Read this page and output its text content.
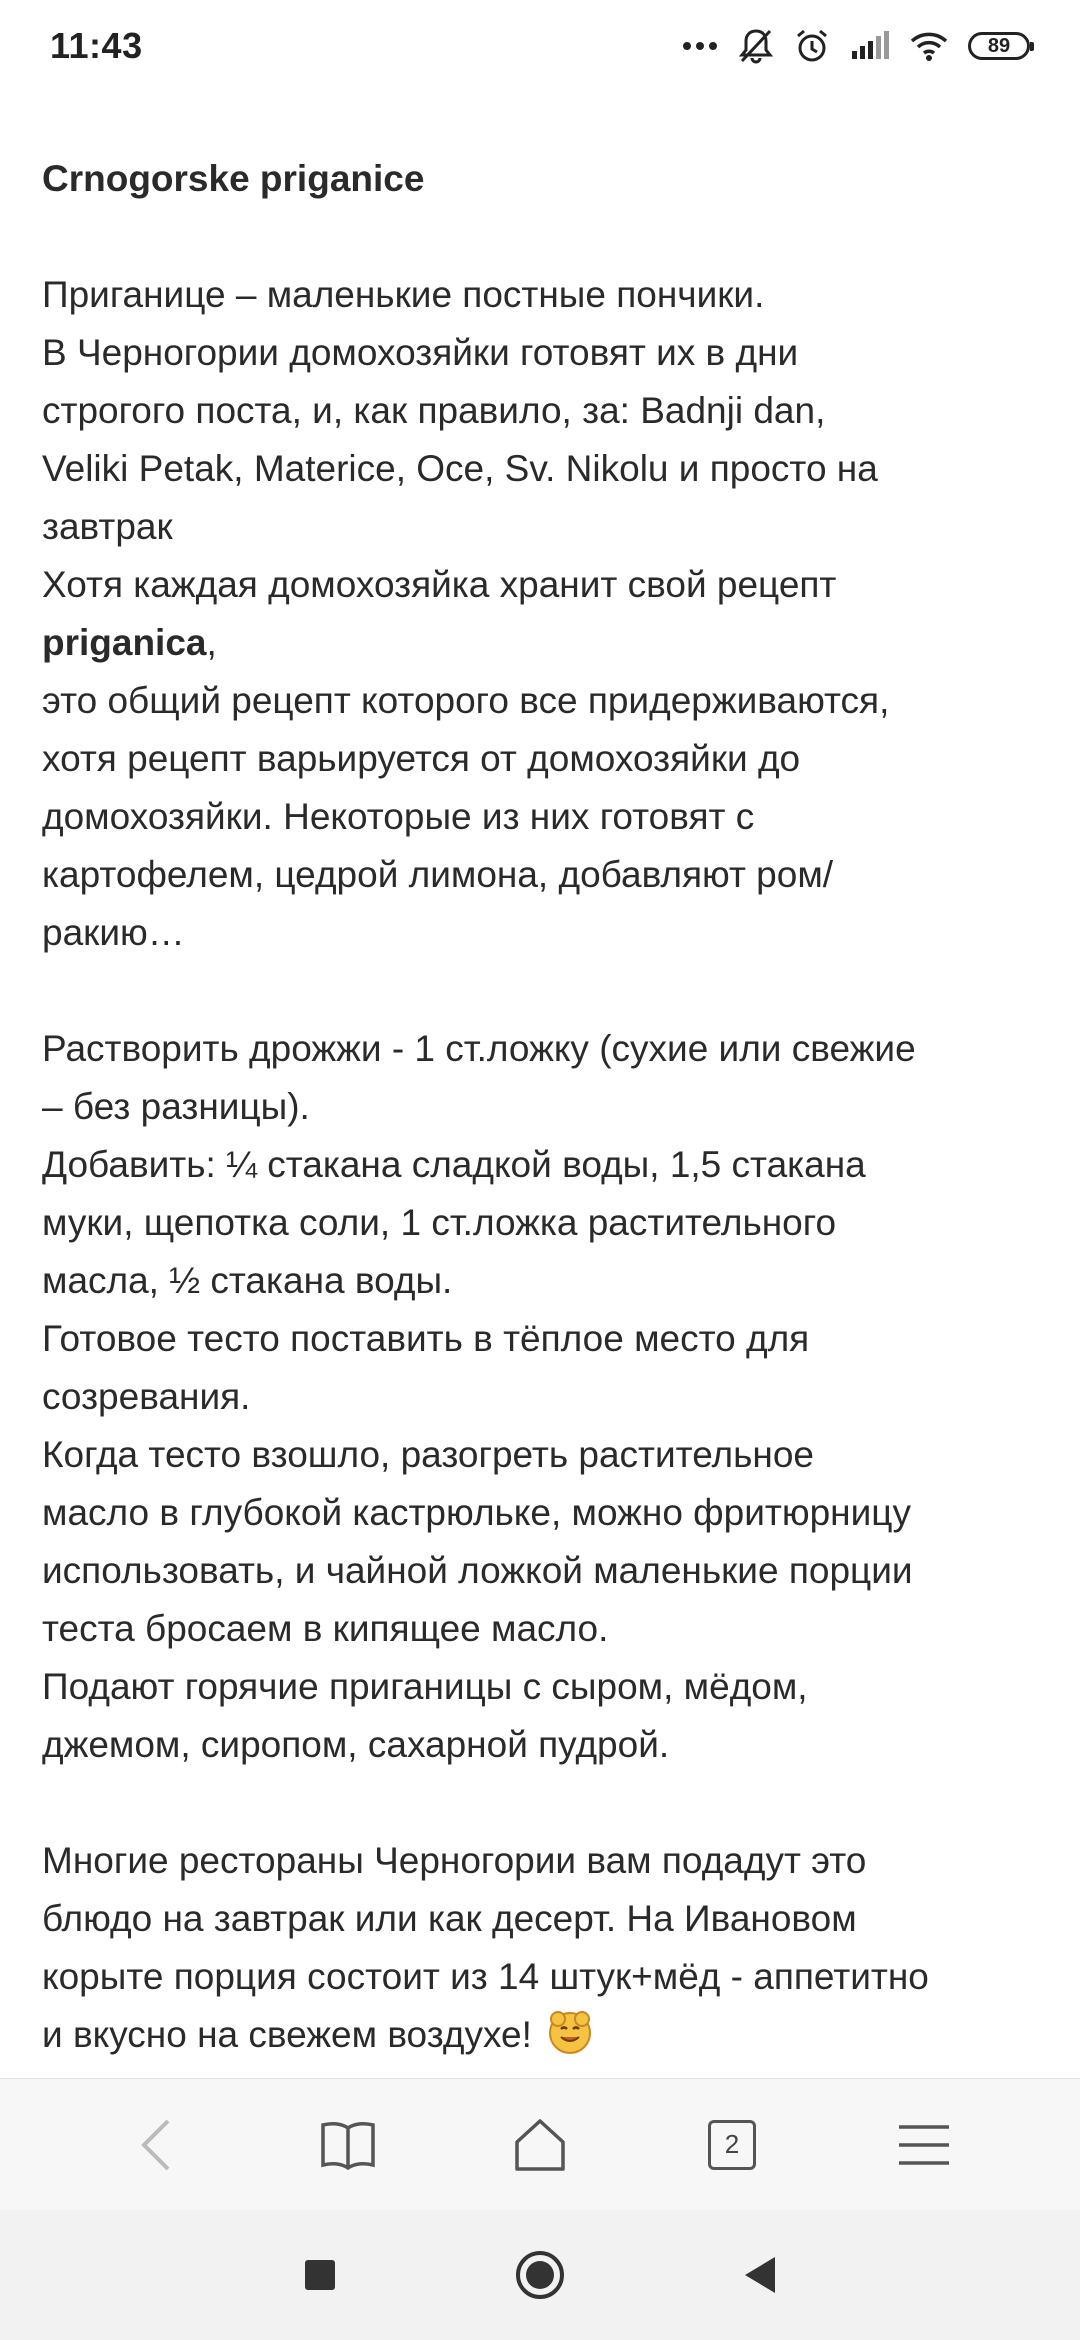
11:43	89

Crnogorske priganice

Приганице – маленькие постные пончики.

В Черногории домохозяйки готовят их в дни

строгого поста, и, как правило, за: Badnji dan,

Veliki Petak, Materice, Oce, Sv. Nikolu и просто на

завтрак

Хотя каждая домохозяйка хранит свой рецепт

priganica,

это общий рецепт которого все придерживаются,

хотя рецепт варьируется от домохозяйки до

домохозяйки. Некоторые из них готовят с

картофелем, цедрой лимона, добавляют ром/

ракию…

Растворить дрожжи - 1 ст.ложку (сухие или свежие

– без разницы).

Добавить: ¼ стакана сладкой воды, 1,5 стакана

муки, щепотка соли, 1 ст.ложка растительного

масла, ½ стакана воды.

Готовое тесто поставить в тёплое место для

созревания.

Когда тесто взошло, разогреть растительное

масло в глубокой кастрюльке, можно фритюрницу

использовать, и чайной ложкой маленькие порции

теста бросаем в кипящее масло.

Подают горячие приганицы с сыром, мёдом,

джемом, сиропом, сахарной пудрой.

Многие рестораны Черногории вам подадут это

блюдо на завтрак или как десерт. На Ивановом

корыте порция состоит из 14 штук+мёд - аппетитно

и вкусно на свежем воздухе!

2
